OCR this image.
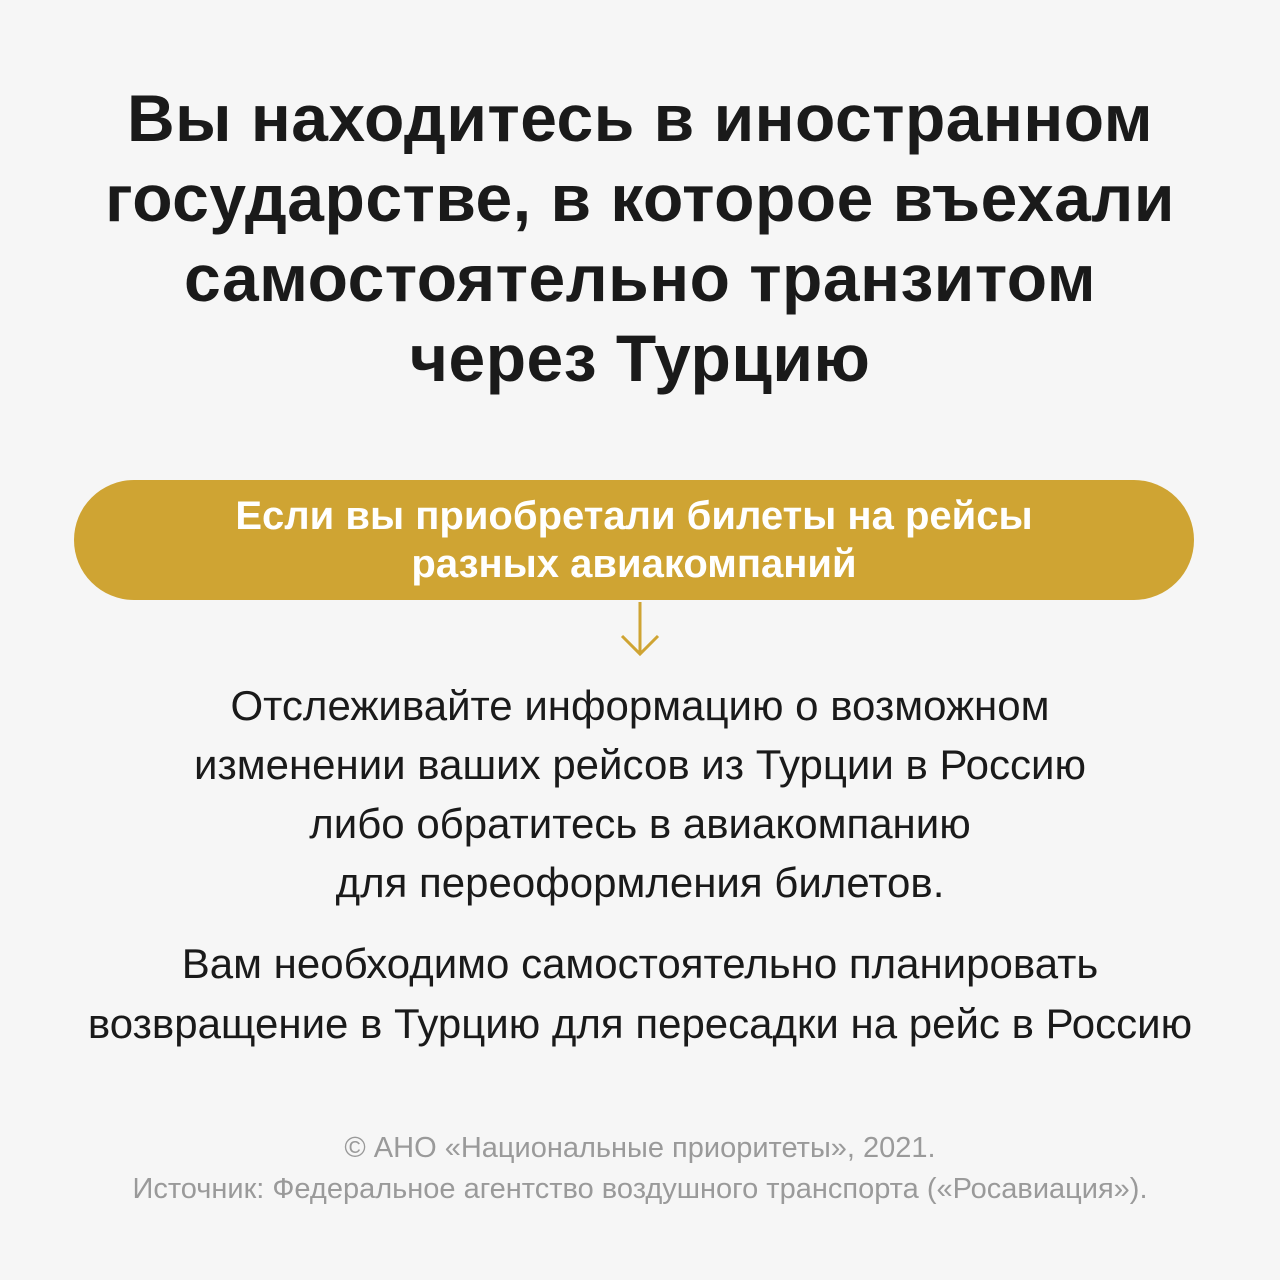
Вы находитесь в иностранном
государстве, в которое въехали
самостоятельно транзитом
через Турцию
Если вы приобретали билеты на рейсы
разных авиакомпаний
Отслеживайте информацию о возможном
изменении ваших рейсов из Турции в Россию
либо обратитесь в авиакомпанию
для переоформления билетов.
Вам необходимо самостоятельно планировать
возвращение в Турцию для пересадки на рейс в Россию
© АНО «Национальные приоритеты», 2021.
Источник: Федеральное агентство воздушного транспорта («Росавиация»).
